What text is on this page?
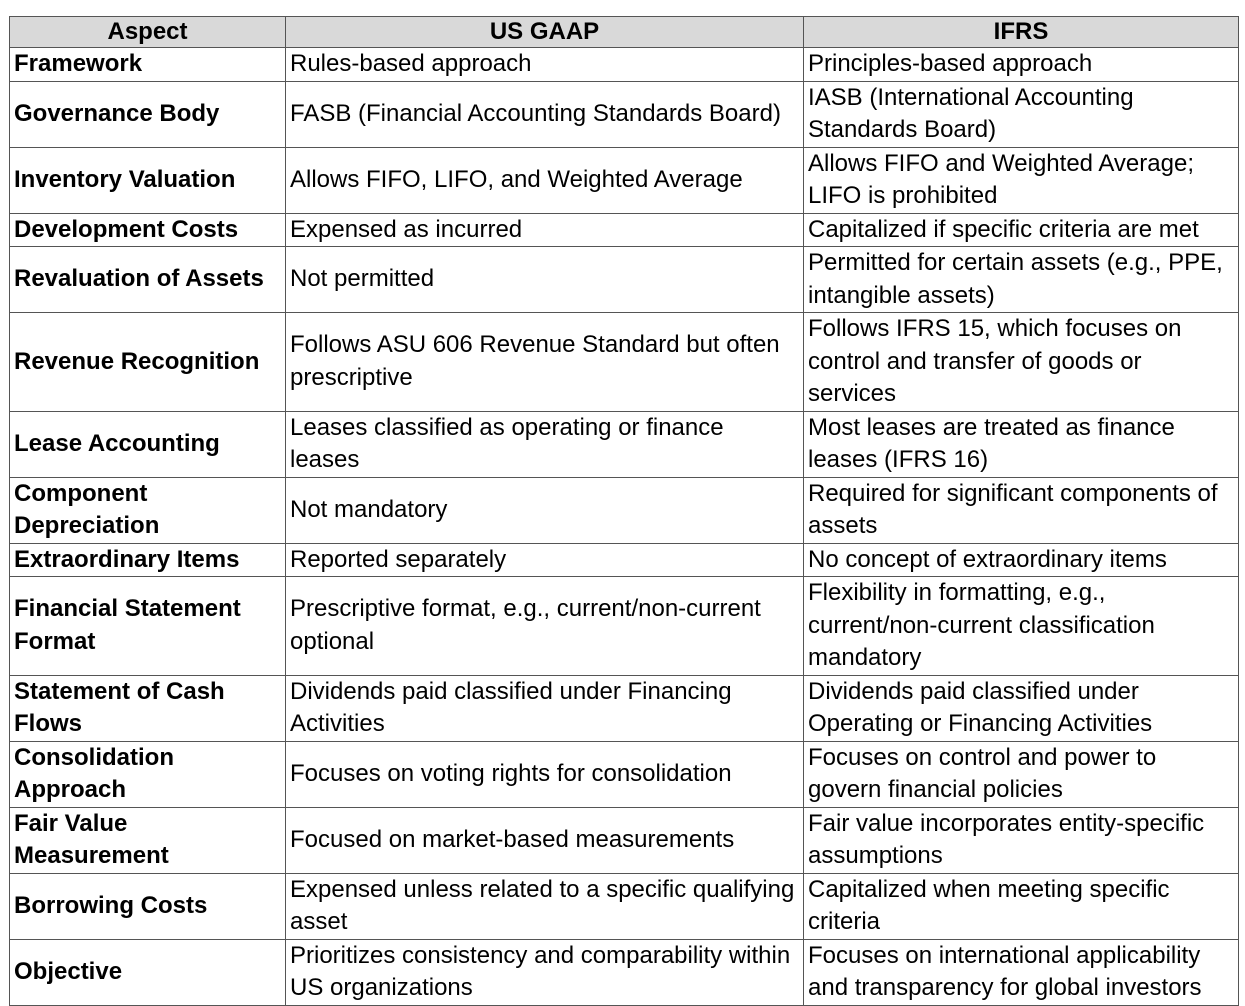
Aspect	US GAAP	IFRS
Framework	Rules-based approach	Principles-based approach
Governance Body	FASB (Financial Accounting Standards Board)	IASB (International Accounting Standards Board)
Inventory Valuation	Allows FIFO, LIFO, and Weighted Average	Allows FIFO and Weighted Average; LIFO is prohibited
Development Costs	Expensed as incurred	Capitalized if specific criteria are met
Revaluation of Assets	Not permitted	Permitted for certain assets (e.g., PPE, intangible assets)
Revenue Recognition	Follows ASU 606 Revenue Standard but often prescriptive	Follows IFRS 15, which focuses on control and transfer of goods or services
Lease Accounting	Leases classified as operating or finance leases	Most leases are treated as finance leases (IFRS 16)
Component Depreciation	Not mandatory	Required for significant components of assets
Extraordinary Items	Reported separately	No concept of extraordinary items
Financial Statement Format	Prescriptive format, e.g., current/non-current optional	Flexibility in formatting, e.g., current/non-current classification mandatory
Statement of Cash Flows	Dividends paid classified under Financing Activities	Dividends paid classified under Operating or Financing Activities
Consolidation Approach	Focuses on voting rights for consolidation	Focuses on control and power to govern financial policies
Fair Value Measurement	Focused on market-based measurements	Fair value incorporates entity-specific assumptions
Borrowing Costs	Expensed unless related to a specific qualifying asset	Capitalized when meeting specific criteria
Objective	Prioritizes consistency and comparability within US organizations	Focuses on international applicability and transparency for global investors
